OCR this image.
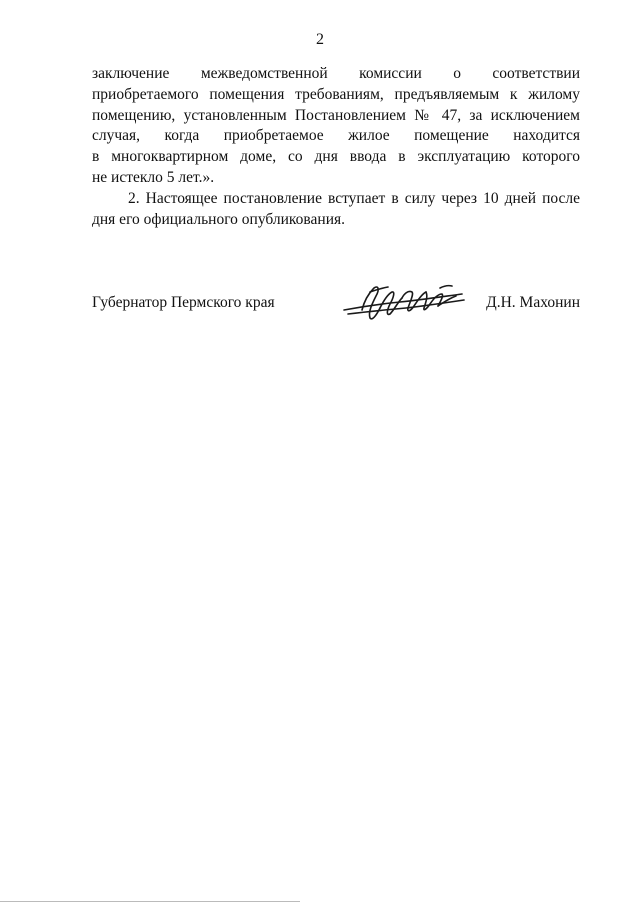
2
заключение межведомственной комиссии о соответствии
приобретаемого помещения требованиям, предъявляемым к жилому
помещению, установленным Постановлением № 47, за исключением
случая, когда приобретаемое жилое помещение находится
в многоквартирном доме, со дня ввода в эксплуатацию которого
не истекло 5 лет.».
2. Настоящее постановление вступает в силу через 10 дней после
дня его официального опубликования.
Губернатор Пермского края	Д.Н. Махонин
